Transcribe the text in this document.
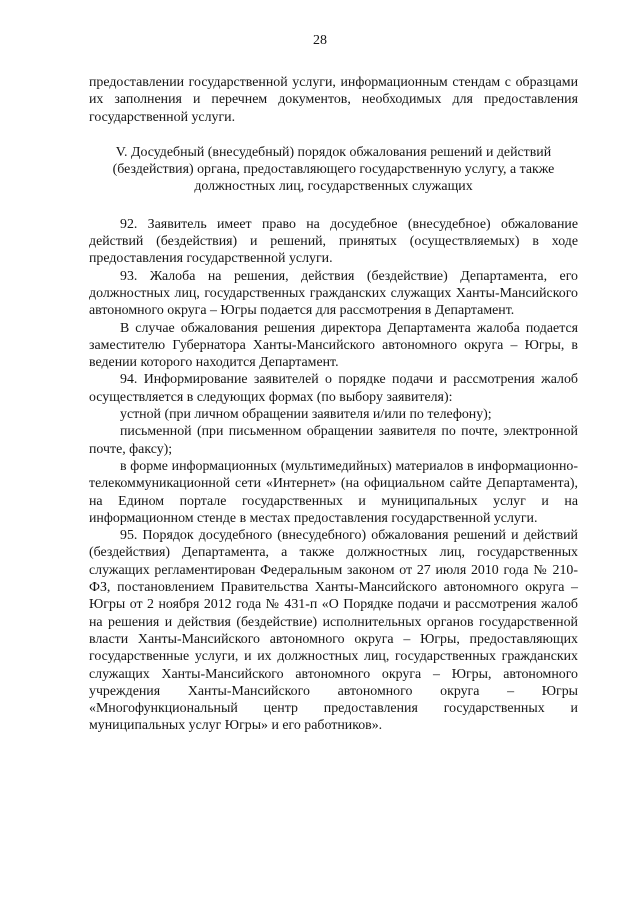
28

предоставлении государственной услуги, информационным стендам с образцами их заполнения и перечнем документов, необходимых для предоставления государственной услуги.

V. Досудебный (внесудебный) порядок обжалования решений и действий (бездействия) органа, предоставляющего государственную услугу, а также должностных лиц, государственных служащих

92. Заявитель имеет право на досудебное (внесудебное) обжалование действий (бездействия) и решений, принятых (осуществляемых) в ходе предоставления государственной услуги.

93. Жалоба на решения, действия (бездействие) Департамента, его должностных лиц, государственных гражданских служащих Ханты-Мансийского автономного округа – Югры подается для рассмотрения в Департамент.

В случае обжалования решения директора Департамента жалоба подается заместителю Губернатора Ханты-Мансийского автономного округа – Югры, в ведении которого находится Департамент.

94. Информирование заявителей о порядке подачи и рассмотрения жалоб осуществляется в следующих формах (по выбору заявителя):

устной (при личном обращении заявителя и/или по телефону);

письменной (при письменном обращении заявителя по почте, электронной почте, факсу);

в форме информационных (мультимедийных) материалов в информационно-телекоммуникационной сети «Интернет» (на официальном сайте Департамента), на Едином портале государственных и муниципальных услуг и на информационном стенде в местах предоставления государственной услуги.

95. Порядок досудебного (внесудебного) обжалования решений и действий (бездействия) Департамента, а также должностных лиц, государственных служащих регламентирован Федеральным законом от 27 июля 2010 года № 210-ФЗ, постановлением Правительства Ханты-Мансийского автономного округа – Югры от 2 ноября 2012 года № 431-п «О Порядке подачи и рассмотрения жалоб на решения и действия (бездействие) исполнительных органов государственной власти Ханты-Мансийского автономного округа – Югры, предоставляющих государственные услуги, и их должностных лиц, государственных гражданских служащих Ханты-Мансийского автономного округа – Югры, автономного учреждения Ханты-Мансийского автономного округа – Югры «Многофункциональный центр предоставления государственных и муниципальных услуг Югры» и его работников».
